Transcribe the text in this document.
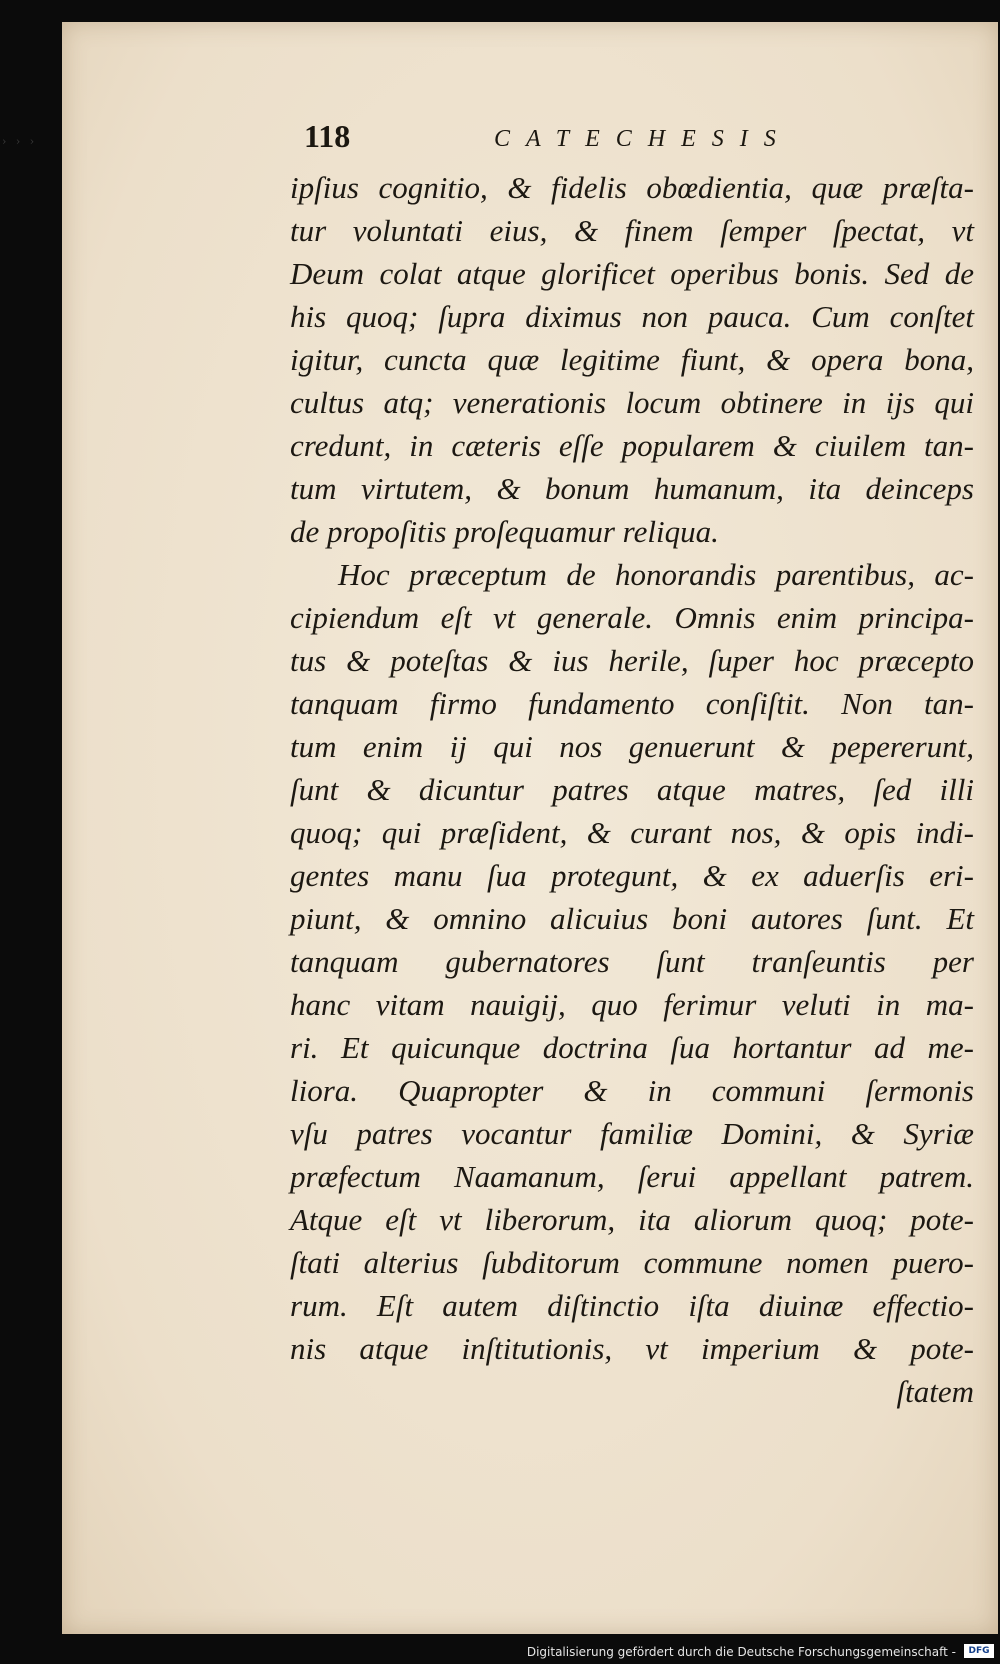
› › ›	118	CATECHESIS
ipſius cognitio, & fidelis obœdientia, quæ præſta-
tur voluntati eius, & finem ſemper ſpectat, vt
Deum colat atque glorificet operibus bonis. Sed de
his quoq; ſupra diximus non pauca. Cum conſtet
igitur, cuncta quæ legitime fiunt, & opera bona,
cultus atq; venerationis locum obtinere in ijs qui
credunt, in cæteris eſſe popularem & ciuilem tan-
tum virtutem, & bonum humanum, ita deinceps
de propoſitis proſequamur reliqua.
Hoc præceptum de honorandis parentibus, ac-
cipiendum eſt vt generale. Omnis enim principa-
tus & poteſtas & ius herile, ſuper hoc præcepto
tanquam firmo fundamento conſiſtit. Non tan-
tum enim ij qui nos genuerunt & pepererunt,
ſunt & dicuntur patres atque matres, ſed illi
quoq; qui præſident, & curant nos, & opis indi-
gentes manu ſua protegunt, & ex aduerſis eri-
piunt, & omnino alicuius boni autores ſunt. Et
tanquam gubernatores ſunt tranſeuntis per
hanc vitam nauigij, quo ferimur veluti in ma-
ri. Et quicunque doctrina ſua hortantur ad me-
liora. Quapropter & in communi ſermonis
vſu patres vocantur familiæ Domini, & Syriæ
præfectum Naamanum, ſerui appellant patrem.
Atque eſt vt liberorum, ita aliorum quoq; pote-
ſtati alterius ſubditorum commune nomen puero-
rum. Eſt autem diſtinctio iſta diuinæ effectio-
nis atque inſtitutionis, vt imperium & pote-
ſtatem
Digitalisierung gefördert durch die Deutsche Forschungsgemeinschaft -	DFG
